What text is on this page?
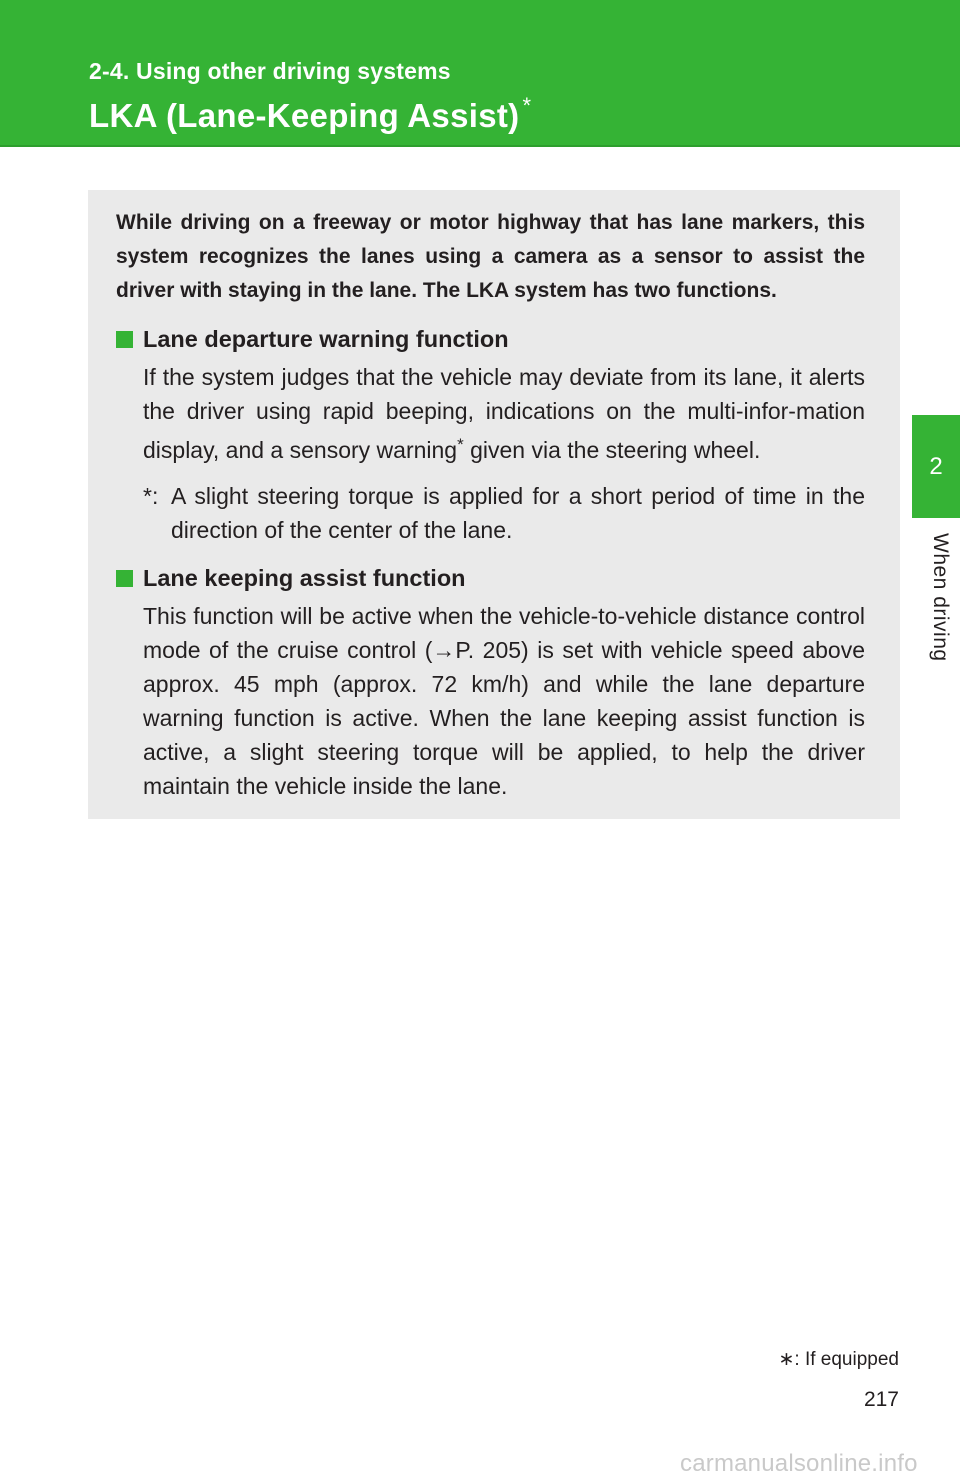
2-4. Using other driving systems
LKA (Lane-Keeping Assist) *
2
When driving

While driving on a freeway or motor highway that has lane markers, this system recognizes the lanes using a camera as a sensor to assist the driver with staying in the lane. The LKA system has two functions.

Lane departure warning function

If the system judges that the vehicle may deviate from its lane, it alerts the driver using rapid beeping, indications on the multi-infor-mation display, and a sensory warning* given via the steering wheel.

*: A slight steering torque is applied for a short period of time in the direction of the center of the lane.
Lane keeping assist function

This function will be active when the vehicle-to-vehicle distance control mode of the cruise control (→P. 205) is set with vehicle speed above approx. 45 mph (approx. 72 km/h) and while the lane departure warning function is active. When the lane keeping assist function is active, a slight steering torque will be applied, to help the driver maintain the vehicle inside the lane.

∗: If equipped
217
carmanualsonline.info
